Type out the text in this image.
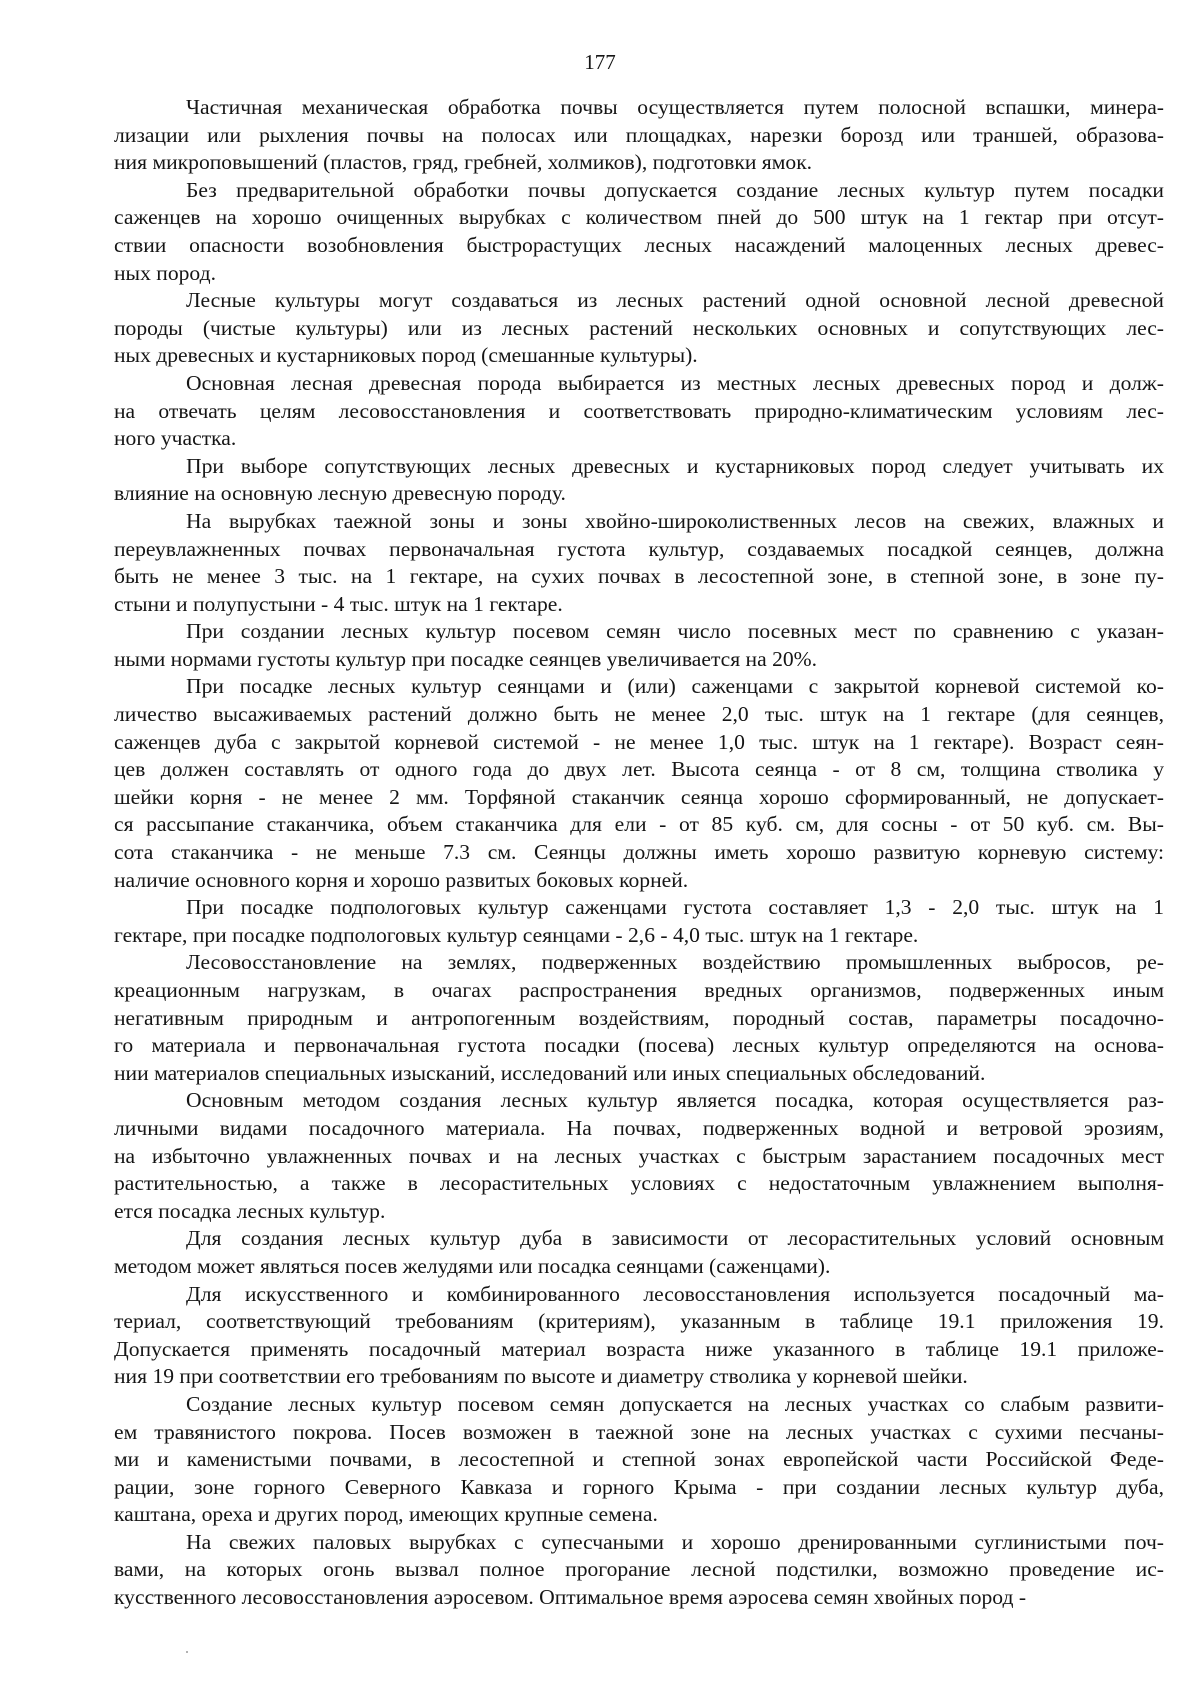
177
Частичная механическая обработка почвы осуществляется путем полосной вспашки, минера-
лизации или рыхления почвы на полосах или площадках, нарезки борозд или траншей, образова-
ния микроповышений (пластов, гряд, гребней, холмиков), подготовки ямок.
Без предварительной обработки почвы допускается создание лесных культур путем посадки
саженцев на хорошо очищенных вырубках с количеством пней до 500 штук на 1 гектар при отсут-
ствии опасности возобновления быстрорастущих лесных насаждений малоценных лесных древес-
ных пород.
Лесные культуры могут создаваться из лесных растений одной основной лесной древесной
породы (чистые культуры) или из лесных растений нескольких основных и сопутствующих лес-
ных древесных и кустарниковых пород (смешанные культуры).
Основная лесная древесная порода выбирается из местных лесных древесных пород и долж-
на отвечать целям лесовосстановления и соответствовать природно-климатическим условиям лес-
ного участка.
При выборе сопутствующих лесных древесных и кустарниковых пород следует учитывать их
влияние на основную лесную древесную породу.
На вырубках таежной зоны и зоны хвойно-широколиственных лесов на свежих, влажных и
переувлажненных почвах первоначальная густота культур, создаваемых посадкой сеянцев, должна
быть не менее 3 тыс. на 1 гектаре, на сухих почвах в лесостепной зоне, в степной зоне, в зоне пу-
стыни и полупустыни - 4 тыс. штук на 1 гектаре.
При создании лесных культур посевом семян число посевных мест по сравнению с указан-
ными нормами густоты культур при посадке сеянцев увеличивается на 20%.
При посадке лесных культур сеянцами и (или) саженцами с закрытой корневой системой ко-
личество высаживаемых растений должно быть не менее 2,0 тыс. штук на 1 гектаре (для сеянцев,
саженцев дуба с закрытой корневой системой - не менее 1,0 тыс. штук на 1 гектаре). Возраст сеян-
цев должен составлять от одного года до двух лет. Высота сеянца - от 8 см, толщина стволика у
шейки корня - не менее 2 мм. Торфяной стаканчик сеянца хорошо сформированный, не допускает-
ся рассыпание стаканчика, объем стаканчика для ели - от 85 куб. см, для сосны - от 50 куб. см. Вы-
сота стаканчика - не меньше 7.3 см. Сеянцы должны иметь хорошо развитую корневую систему:
наличие основного корня и хорошо развитых боковых корней.
При посадке подпологовых культур саженцами густота составляет 1,3 - 2,0 тыс. штук на 1
гектаре, при посадке подпологовых культур сеянцами - 2,6 - 4,0 тыс. штук на 1 гектаре.
Лесовосстановление на землях, подверженных воздействию промышленных выбросов, ре-
креационным нагрузкам, в очагах распространения вредных организмов, подверженных иным
негативным природным и антропогенным воздействиям, породный состав, параметры посадочно-
го материала и первоначальная густота посадки (посева) лесных культур определяются на основа-
нии материалов специальных изысканий, исследований или иных специальных обследований.
Основным методом создания лесных культур является посадка, которая осуществляется раз-
личными видами посадочного материала. На почвах, подверженных водной и ветровой эрозиям,
на избыточно увлажненных почвах и на лесных участках с быстрым зарастанием посадочных мест
растительностью, а также в лесорастительных условиях с недостаточным увлажнением выполня-
ется посадка лесных культур.
Для создания лесных культур дуба в зависимости от лесорастительных условий основным
методом может являться посев желудями или посадка сеянцами (саженцами).
Для искусственного и комбинированного лесовосстановления используется посадочный ма-
териал, соответствующий требованиям (критериям), указанным в таблице 19.1 приложения 19.
Допускается применять посадочный материал возраста ниже указанного в таблице 19.1 приложе-
ния 19 при соответствии его требованиям по высоте и диаметру стволика у корневой шейки.
Создание лесных культур посевом семян допускается на лесных участках со слабым развити-
ем травянистого покрова. Посев возможен в таежной зоне на лесных участках с сухими песчаны-
ми и каменистыми почвами, в лесостепной и степной зонах европейской части Российской Феде-
рации, зоне горного Северного Кавказа и горного Крыма - при создании лесных культур дуба,
каштана, ореха и других пород, имеющих крупные семена.
На свежих паловых вырубках с супесчаными и хорошо дренированными суглинистыми поч-
вами, на которых огонь вызвал полное прогорание лесной подстилки, возможно проведение ис-
кусственного лесовосстановления аэросевом. Оптимальное время аэросева семян хвойных пород -
